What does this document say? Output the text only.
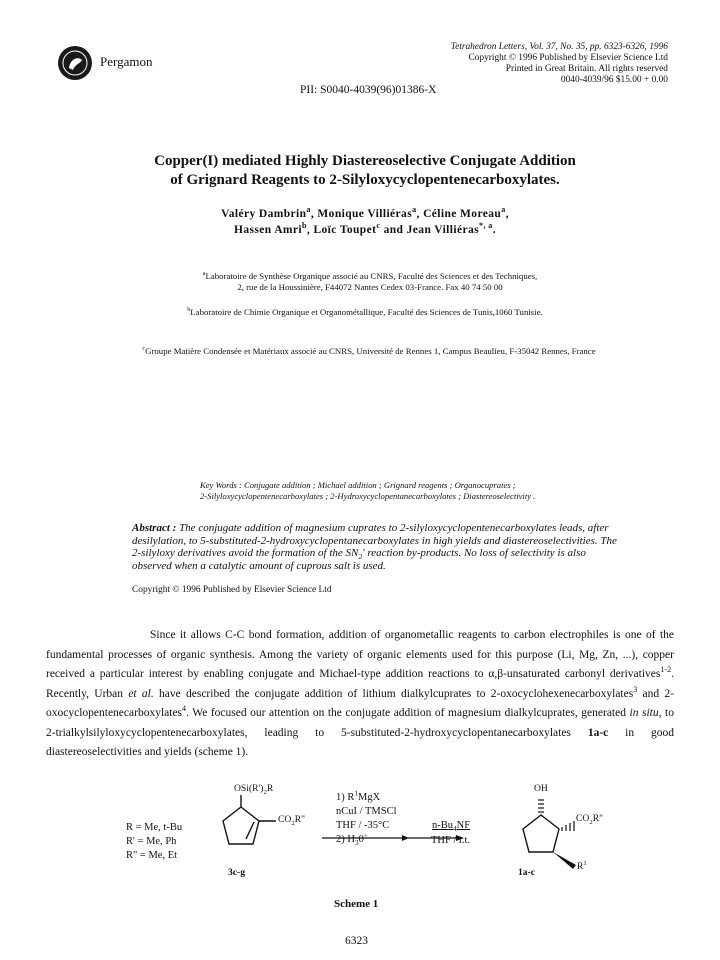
Pergamon
Tetrahedron Letters, Vol. 37, No. 35, pp. 6323-6326, 1996
Copyright © 1996 Published by Elsevier Science Ltd
Printed in Great Britain. All rights reserved
0040-4039/96 $15.00 + 0.00
PII: S0040-4039(96)01386-X
Copper(I) mediated Highly Diastereoselective Conjugate Addition
of Grignard Reagents to 2-Silyloxycyclopentenecarboxylates.
Valéry Dambrin$^a$, Monique Villiéras$^a$, Céline Moreau$^a$,
Hassen Amri$^b$, Loïc Toupet$^c$ and Jean Villiéras$^{*, a}$.
$^a$Laboratoire de Synthèse Organique associé au CNRS, Faculté des Sciences et des Techniques,
2, rue de la Houssinière, F44072 Nantes Cedex 03-France. Fax 40 74 50 00
$^b$Laboratoire de Chimie Organique et Organométallique, Faculté des Sciences de Tunis,1060 Tunisie.
$^c$Groupe Matière Condensée et Matériaux associé au CNRS, Université de Rennes 1, Campus Beaulieu, F-35042 Rennes, France
Key Words : Conjugate addition ; Michael addition ; Grignard reagents ; Organocuprates ;
2-Silyloxycyclopentenecarboxylates ; 2-Hydroxycyclopentanecarboxylates ; Diastereoselectivity .
Abstract : The conjugate addition of magnesium cuprates to 2-silyloxycyclopentenecarboxylates leads, after desilylation, to 5-substituted-2-hydroxycyclopentanecarboxylates in high yields and diastereoselectivities. The 2-silyloxy derivatives avoid the formation of the $SN_2'$ reaction by-products. No loss of selectivity is also observed when a catalytic amount of cuprous salt is used.
Copyright © 1996 Published by Elsevier Science Ltd

Since it allows C-C bond formation, addition of organometallic reagents to carbon electrophiles is one of the fundamental processes of organic synthesis. Among the variety of organic elements used for this purpose (Li, Mg, Zn, ...), copper received a particular interest by enabling conjugate and Michael-type addition reactions to α,β-unsaturated carbonyl derivatives$^{1-2}$. Recently, Urban et al. have described the conjugate addition of lithium dialkylcuprates to 2-oxocyclohexenecarboxylates$^3$ and 2-oxocyclopentenecarboxylates$^4$. We focused our attention on the conjugate addition of magnesium dialkylcuprates, generated in situ, to 2-trialkylsilyloxycyclopentenecarboxylates, leading to 5-substituted-2-hydroxycyclopentanecarboxylates 1a-c in good diastereoselectivities and yields (scheme 1).

R = Me, t-Bu
R' = Me, Ph
R" = Me, Et
$OSi(R')_2R$
$CO_2R$"
1) $R^1MgX$
nCuI / TMSCl
THF / -35°C
2) $H_30^+$
$n-Bu_4NF$
THF / r.t.
OH
$CO_2R$"
$R^1$
3c-g	1a-c
Scheme 1
6323
